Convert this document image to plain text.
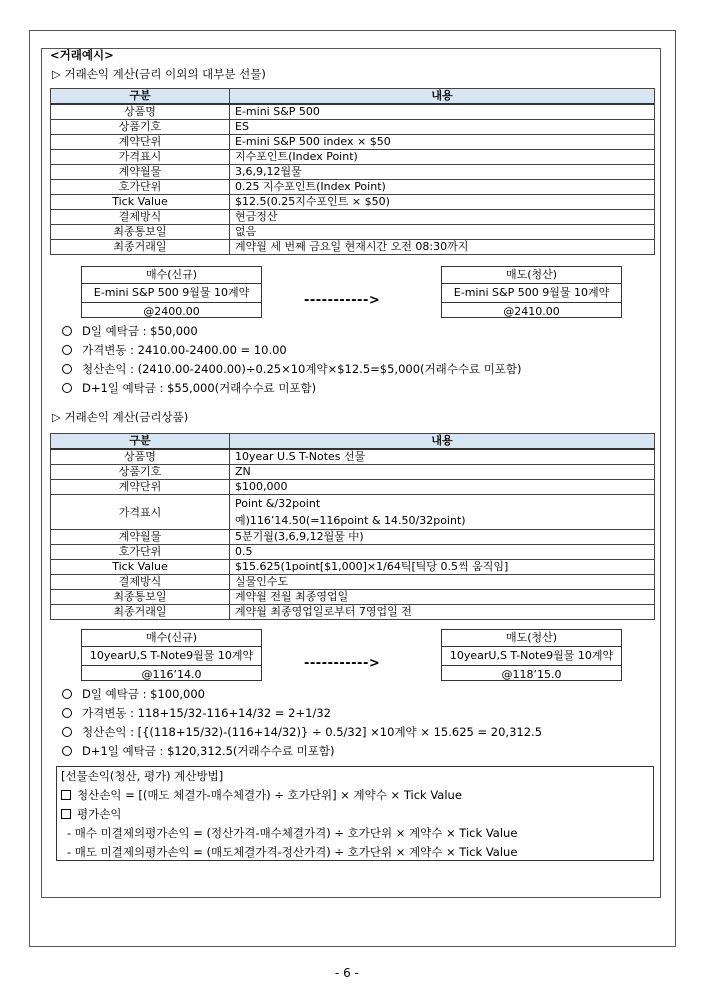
<거래예시>
▷ 거래손익 계산(금리 이외의 대부분 선물)
구분	내용
상품명	E-mini S&P 500
상품기호	ES
계약단위	E-mini S&P 500 index × $50
가격표시	지수포인트(Index Point)
계약월물	3,6,9,12월물
호가단위	0.25 지수포인트(Index Point)
Tick Value	$12.5(0.25지수포인트 × $50)
결제방식	현금정산
최종통보일	없음
최종거래일	계약월 세 번째 금요일 현재시간 오전 08:30까지
매수(신규)
E-mini S&P 500 9월물 10계약
@2400.00
----------->
매도(청산)
E-mini S&P 500 9월물 10계약
@2410.00
D일 예탁금 : $50,000
가격변동 : 2410.00-2400.00 = 10.00
청산손익 : (2410.00-2400.00)÷0.25×10계약×$12.5=$5,000(거래수수료 미포함)
D+1일 예탁금 : $55,000(거래수수료 미포함)
▷ 거래손익 계산(금리상품)
구분	내용
상품명	10year U.S T-Notes 선물
상품기호	ZN
계약단위	$100,000
가격표시	Point &/32point
예)116’14.50(=116point & 14.50/32point)

계약월물	5분기월(3,6,9,12월물 中)
호가단위	0.5
Tick Value	$15.625(1point[$1,000]×1/64틱[틱당 0.5씩 움직임]
결제방식	실물인수도
최종통보일	계약월 전월 최종영업일
최종거래일	계약월 최종영업일로부터 7영업일 전
매수(신규)
10yearU,S T-Note9월물 10계약
@116’14.0
----------->
매도(청산)
10yearU,S T-Note9월물 10계약
@118’15.0
D일 예탁금 : $100,000
가격변동 : 118+15/32-116+14/32 = 2+1/32
청산손익 : [{(118+15/32)-(116+14/32)} ÷ 0.5/32] ×10계약 × 15.625 = 20,312.5
D+1일 예탁금 : $120,312.5(거래수수료 미포함)
[선물손익(청산, 평가) 계산방법]
청산손익 = [(매도 체결가-매수체결가) ÷ 호가단위] × 계약수 × Tick Value
평가손익
- 매수 미결제의평가손익 = (정산가격-매수체결가격) ÷ 호가단위 × 계약수 × Tick Value
- 매도 미결제의평가손익 = (매도체결가격-정산가격) ÷ 호가단위 × 계약수 × Tick Value
- 6 -
